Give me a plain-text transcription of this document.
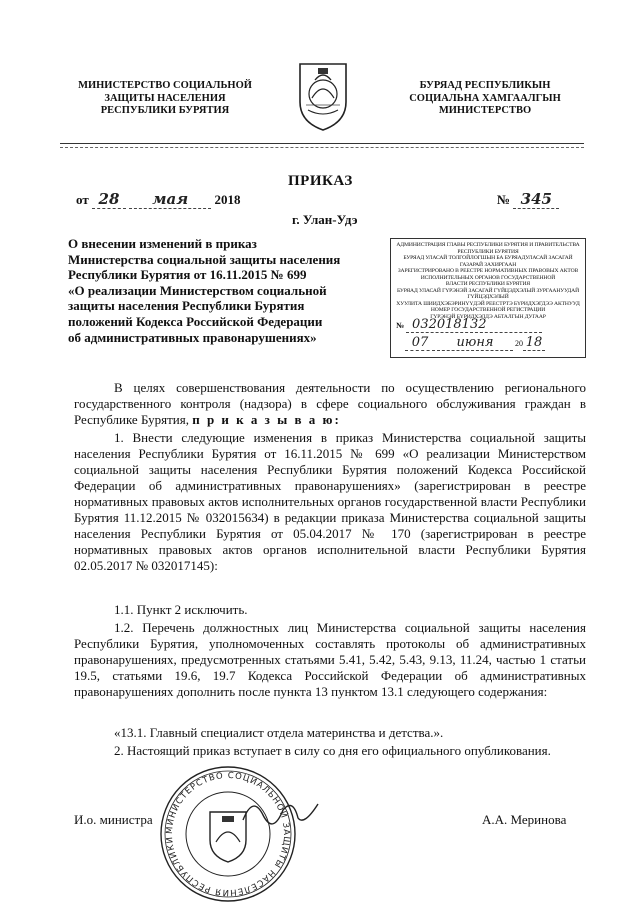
МИНИСТЕРСТВО СОЦИАЛЬНОЙ
ЗАЩИТЫ НАСЕЛЕНИЯ
РЕСПУБЛИКИ БУРЯТИЯ
БУРЯАД РЕСПУБЛИКЫН
СОЦИАЛЬНА ХАМГААЛГЫН
МИНИСТЕРСТВО
ПРИКАЗ
от 28 мая 2018	№ 345
г. Улан-Удэ
О внесении изменений в приказ
Министерства социальной защиты населения
Республики Бурятия от 16.11.2015 № 699
«О реализации Министерством социальной
защиты населения Республики Бурятия
положений Кодекса Российской Федерации
об административных правонарушениях»
АДМИНИСТРАЦИЯ ГЛАВЫ РЕСПУБЛИКИ БУРЯТИЯ И ПРАВИТЕЛЬСТВА РЕСПУБЛИКИ БУРЯТИЯ
БУРЯАД УЛАСАЙ ТОЛГОЙЛОГШЫН БА БУРЯАДУЛАСАЙ ЗАСАГАЙ ГАЗАРАЙ ЗАХИРГААН
ЗАРЕГИСТРИРОВАНО В РЕЕСТРЕ НОРМАТИВНЫХ ПРАВОВЫХ АКТОВ
ИСПОЛНИТЕЛЬНЫХ ОРГАНОВ ГОСУДАРСТВЕННОЙ
ВЛАСТИ РЕСПУБЛИКИ БУРЯТИЯ
БУРЯАД УЛАСАЙ ГҮРЭНЭЙ ЗАСАГАЙ ГҮЙЦЭДХЭЛЫЙ ЗУРГААНУУДАЙ ГҮЙЦЭДХЭЛЫЙ
ХУУЛИТА ШИИДХЭБЭРИНҮҮДЭЙ РЕЕСТРТЭ БҮРИДХЭГДЭЭ АКТНУУД
НОМЕР ГОСУДАРСТВЕННОЙ РЕГИСТРАЦИИ
ГҮРЭНЭЙ БҮРИДХЭЛДЭ АБТАЛГЫН ДУГААР
№ 032018132
07 июня	20 18
В целях совершенствования деятельности по осуществлению регионального государственного контроля (надзора) в сфере социального обслуживания граждан в Республике Бурятия, п р и к а з ы в а ю:
1. Внести следующие изменения в приказ Министерства социальной защиты населения Республики Бурятия от 16.11.2015 № 699 «О реализации Министерством социальной защиты населения Республики Бурятия положений Кодекса Российской Федерации об административных правонарушениях» (зарегистрирован в реестре нормативных правовых актов исполнительных органов государственной власти Республики Бурятия 11.12.2015 № 032015634) в редакции приказа Министерства социальной защиты населения Республики Бурятия от 05.04.2017 № 170 (зарегистрирован в реестре нормативных правовых актов органов исполнительной власти Республики Бурятия 02.05.2017 № 032017145):
1.1. Пункт 2 исключить.
1.2. Перечень должностных лиц Министерства социальной защиты населения Республики Бурятия, уполномоченных составлять протоколы об административных правонарушениях, предусмотренных статьями 5.41, 5.42, 5.43, 9.13, 11.24, частью 1 статьи 19.5, статьями 19.6, 19.7 Кодекса Российской Федерации об административных правонарушениях дополнить после пункта 13 пунктом 13.1 следующего содержания:
«13.1. Главный специалист отдела материнства и детства.».
2. Настоящий приказ вступает в силу со дня его официального опубликования.
МИНИСТЕРСТВО СОЦИАЛЬНОЙ ЗАЩИТЫ НАСЕЛЕНИЯ РЕСПУБЛИКИ
И.о. министра	А.А. Меринова
